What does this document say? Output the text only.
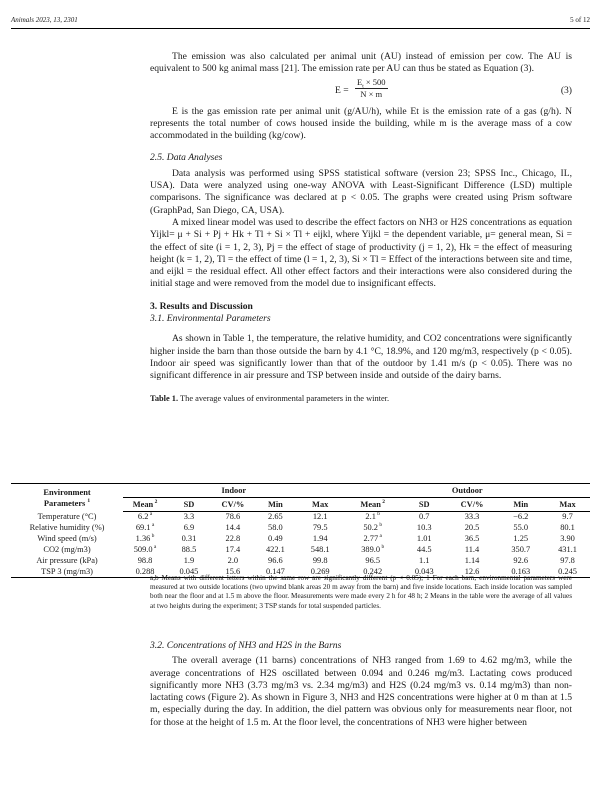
Animals 2023, 13, 2301	5 of 12

The emission was also calculated per animal unit (AU) instead of emission per cow. The AU is equivalent to 500 kg animal mass [21]. The emission rate per AU can thus be stated as Equation (3).

$E = \frac{E_t \times 500}{N \times m}$	(3)

E is the gas emission rate per animal unit (g/AU/h), while Et is the emission rate of a gas (g/h). N represents the total number of cows housed inside the building, while m is the average mass of a cow accommodated in the building (kg/cow).

2.5. Data Analyses

Data analysis was performed using SPSS statistical software (version 23; SPSS Inc., Chicago, IL, USA). Data were analyzed using one-way ANOVA with Least-Significant Difference (LSD) multiple comparisons. The significance was declared at p < 0.05. The graphs were created using Prism software (GraphPad, San Diego, CA, USA).

A mixed linear model was used to describe the effect factors on NH3 or H2S concentrations as equation Yijkl= μ + Si + Pj + Hk + Tl + Si × Tl + eijkl, where Yijkl = the dependent variable, μ= general mean, Si = the effect of site (i = 1, 2, 3), Pj = the effect of stage of productivity (j = 1, 2), Hk = the effect of measuring height (k = 1, 2), Tl = the effect of time (l = 1, 2, 3), Si × Tl = Effect of the interactions between site and time, and eijkl = the residual effect. All other effect factors and their interactions were also considered during the initial stage and were removed from the model due to insignificant effects.

3. Results and Discussion
3.1. Environmental Parameters

As shown in Table 1, the temperature, the relative humidity, and CO2 concentrations were significantly higher inside the barn than those outside the barn by 4.1 °C, 18.9%, and 120 mg/m3, respectively (p < 0.05). Indoor air speed was significantly lower than that of the outdoor by 1.41 m/s (p < 0.05). There was no significant difference in air pressure and TSP between inside and outside of the dairy barns.

Table 1. The average values of environmental parameters in the winter.

Environment
Parameters $^1$	Indoor					Outdoor				
	Mean $^2$	SD	CV/%	Min	Max	Mean $^2$	SD	CV/%	Min	Max
Temperature (°C)	6.2 $^a$	3.3	78.6	2.65	12.1	2.1 $^b$	0.7	33.3	−6.2	9.7
Relative humidity (%)	69.1 $^a$	6.9	14.4	58.0	79.5	50.2 $^b$	10.3	20.5	55.0	80.1
Wind speed (m/s)	1.36 $^b$	0.31	22.8	0.49	1.94	2.77 $^a$	1.01	36.5	1.25	3.90
CO2 (mg/m3)	509.0 $^a$	88.5	17.4	422.1	548.1	389.0 $^b$	44.5	11.4	350.7	431.1
Air pressure (kPa)	98.8	1.9	2.0	96.6	99.8	96.5	1.1	1.14	92.6	97.8
TSP 3 (mg/m3)	0.288	0.045	15.6	0.147	0.269	0.242	0.043	12.6	0.163	0.245
a,b Means with different letters within the same row are significantly different (p < 0.05); 1 For each barn, environmental parameters were measured at two outside locations (two upwind blank areas 20 m away from the barn) and five inside locations. Each inside location was sampled both near the floor and at 1.5 m above the floor. Measurements were made every 2 h for 48 h; 2 Means in the table were the average of all values at two heights during the experiment; 3 TSP stands for total suspended particles.
3.2. Concentrations of NH3 and H2S in the Barns

The overall average (11 barns) concentrations of NH3 ranged from 1.69 to 4.62 mg/m3, while the average concentrations of H2S oscillated between 0.094 and 0.246 mg/m3. Lactating cows produced significantly more NH3 (3.73 mg/m3 vs. 2.34 mg/m3) and H2S (0.24 mg/m3 vs. 0.14 mg/m3) than non-lactating cows (Figure 2). As shown in Figure 3, NH3 and H2S concentrations were higher at 0 m than at 1.5 m, especially during the day. In addition, the diel pattern was obvious only for measurements near floor, not for those at the height of 1.5 m. At the floor level, the concentrations of NH3 were higher between
